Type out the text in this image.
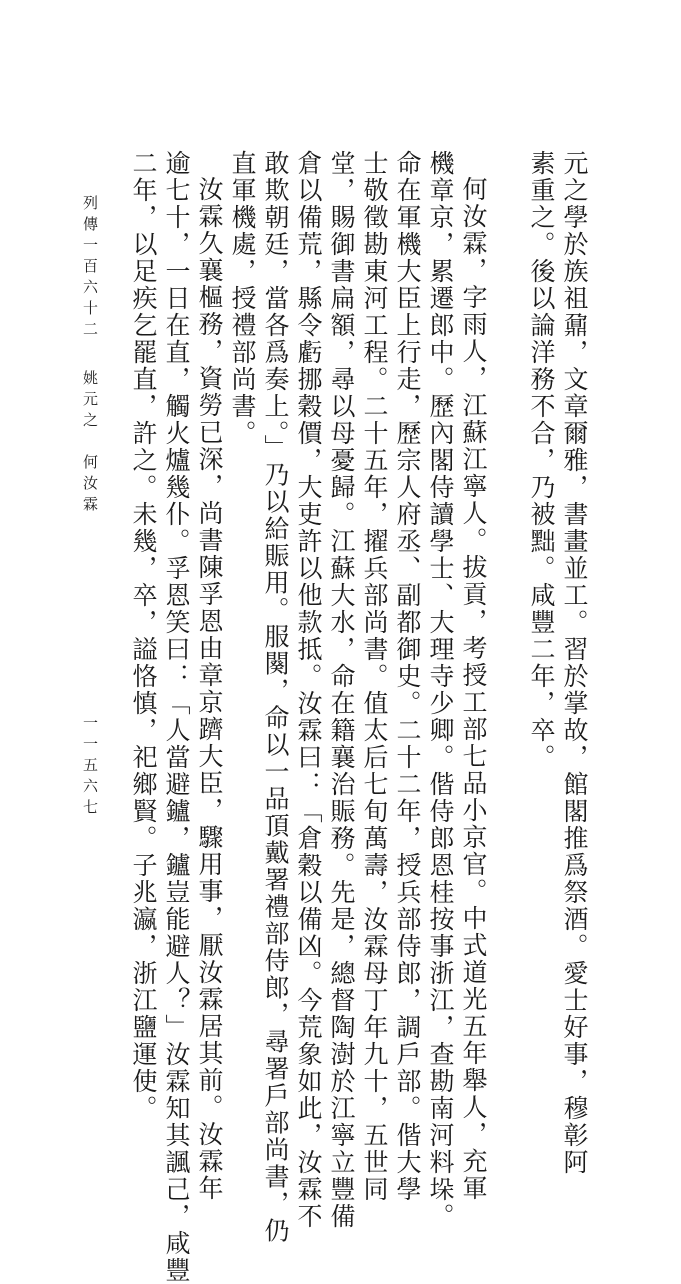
元之學於族祖鼐，文章爾雅，書畫並工。習於掌故，館閣推爲祭酒。愛士好事，穆彰阿
素重之。後以論洋務不合，乃被黜。咸豐二年，卒。
何汝霖，字雨人，江蘇江寧人。拔貢，考授工部七品小京官。中式道光五年舉人，充軍
機章京，累遷郎中。歷內閣侍讀學士、大理寺少卿。偕侍郎恩桂按事浙江，查勘南河料垛。
命在軍機大臣上行走，歷宗人府丞、副都御史。二十二年，授兵部侍郎，調戶部。偕大學
士敬徵勘東河工程。二十五年，擢兵部尚書。值太后七旬萬壽，汝霖母丁年九十，五世同
堂，賜御書扁額，尋以母憂歸。江蘇大水，命在籍襄治賑務。先是，總督陶澍於江寧立豐備
倉以備荒，縣令虧挪穀價，大吏許以他款抵。汝霖曰：「倉穀以備凶。今荒象如此，汝霖不
敢欺朝廷，當各爲奏上。」乃以給賑用。服闋，命以一品頂戴署禮部侍郎，尋署戶部尚書，仍
直軍機處，授禮部尚書。
汝霖久襄樞務，資勞已深，尚書陳孚恩由章京躋大臣，驟用事，厭汝霖居其前。汝霖年
逾七十，一日在直，觸火爐幾仆。孚恩笑曰：「人當避鑪，鑪豈能避人？」汝霖知其諷己，咸豐
二年，以足疾乞罷直，許之。未幾，卒，謚恪慎，祀鄉賢。子兆瀛，浙江鹽運使。
列傳一百六十二
姚元之　何汝霖
一一五六七
